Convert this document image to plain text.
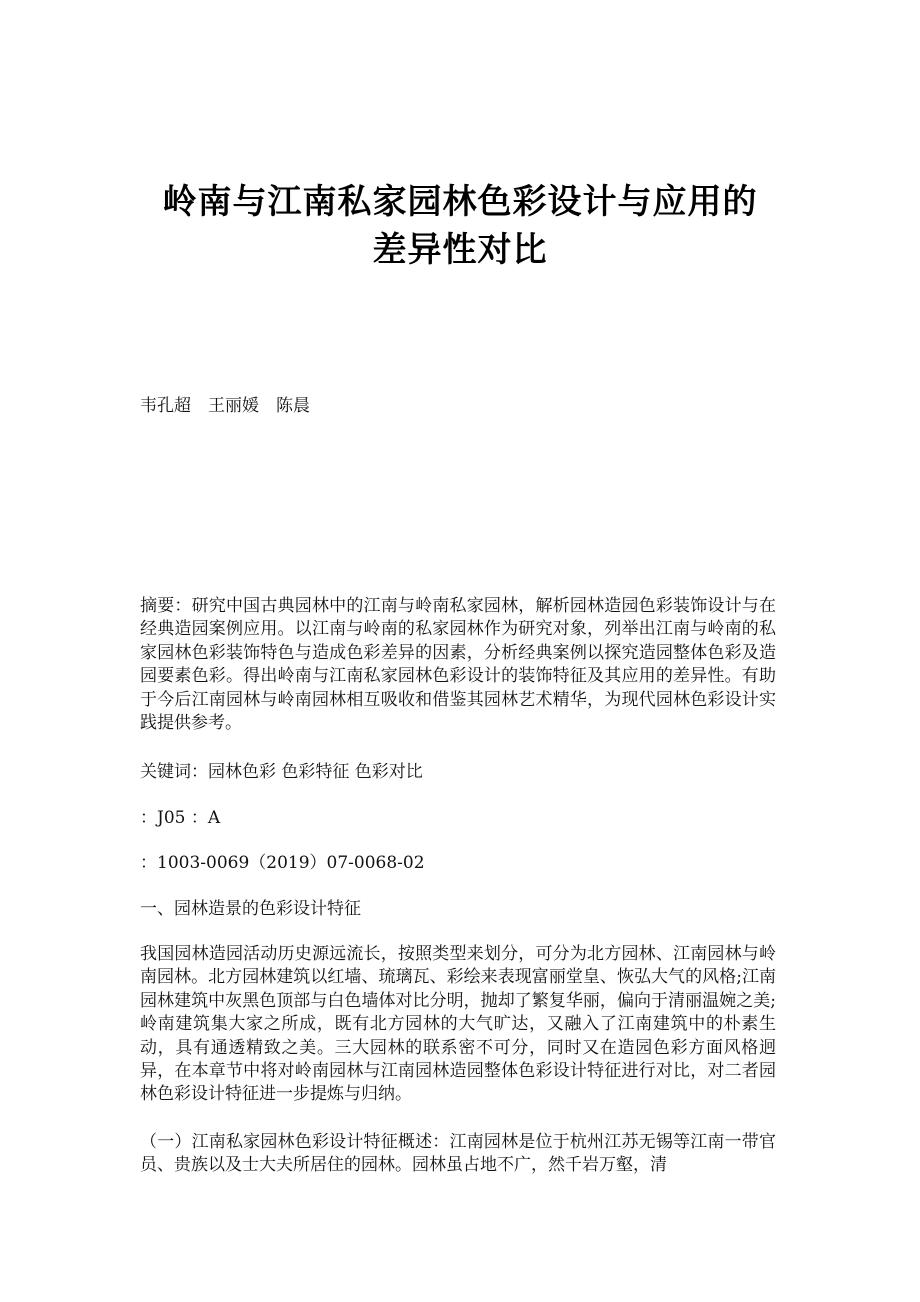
岭南与江南私家园林色彩设计与应用的
差异性对比
韦孔超　王丽媛　陈晨

摘要：研究中国古典园林中的江南与岭南私家园林，解析园林造园色彩装饰设计与在经典造园案例应用。以江南与岭南的私家园林作为研究对象，列举出江南与岭南的私家园林色彩装饰特色与造成色彩差异的因素，分析经典案例以探究造园整体色彩及造园要素色彩。得出岭南与江南私家园林色彩设计的装饰特征及其应用的差异性。有助于今后江南园林与岭南园林相互吸收和借鉴其园林艺术精华，为现代园林色彩设计实践提供参考。

关键词：园林色彩 色彩特征 色彩对比

：J05 ：A

：1003-0069（2019）07-0068-02

一、园林造景的色彩设计特征

我国园林造园活动历史源远流长，按照类型来划分，可分为北方园林、江南园林与岭南园林。北方园林建筑以红墙、琉璃瓦、彩绘来表现富丽堂皇、恢弘大气的风格;江南园林建筑中灰黑色顶部与白色墙体对比分明，抛却了繁复华丽，偏向于清丽温婉之美;岭南建筑集大家之所成，既有北方园林的大气旷达，又融入了江南建筑中的朴素生动，具有通透精致之美。三大园林的联系密不可分，同时又在造园色彩方面风格迥异，在本章节中将对岭南园林与江南园林造园整体色彩设计特征进行对比，对二者园林色彩设计特征进一步提炼与归纳。

（一）江南私家园林色彩设计特征概述：江南园林是位于杭州江苏无锡等江南一带官员、贵族以及士大夫所居住的园林。园林虽占地不广，然千岩万壑，清
